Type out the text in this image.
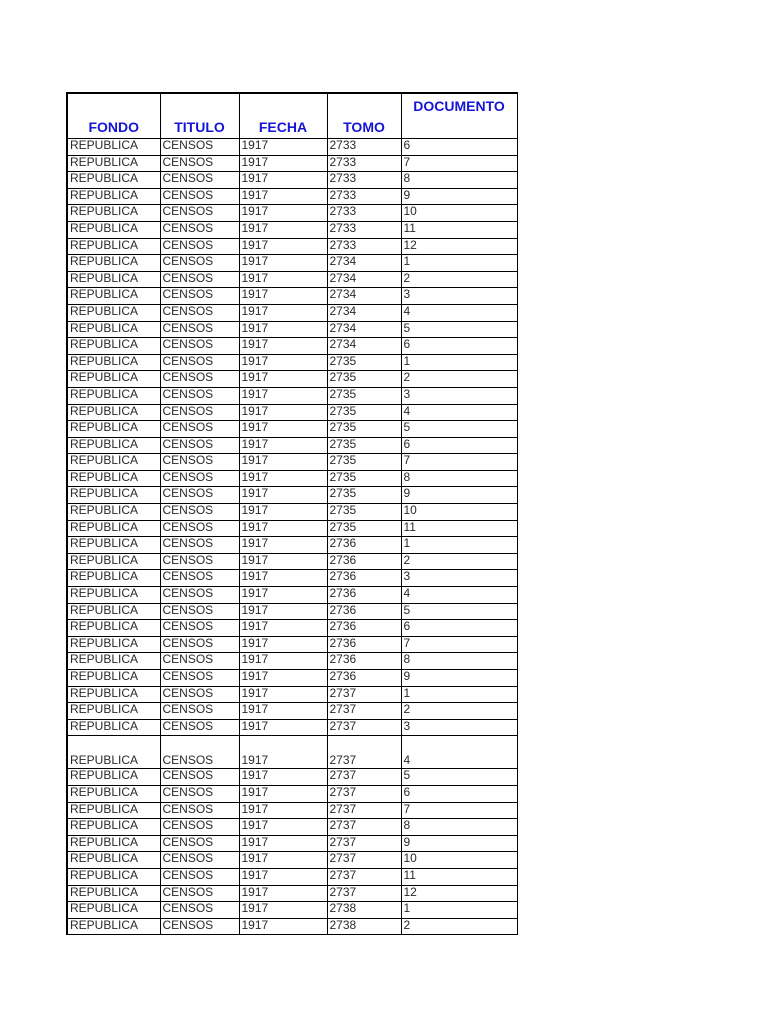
FONDO	TITULO	FECHA	TOMO	DOCUMENTO
REPUBLICA	CENSOS	1917	2733	6
REPUBLICA	CENSOS	1917	2733	7
REPUBLICA	CENSOS	1917	2733	8
REPUBLICA	CENSOS	1917	2733	9
REPUBLICA	CENSOS	1917	2733	10
REPUBLICA	CENSOS	1917	2733	11
REPUBLICA	CENSOS	1917	2733	12
REPUBLICA	CENSOS	1917	2734	1
REPUBLICA	CENSOS	1917	2734	2
REPUBLICA	CENSOS	1917	2734	3
REPUBLICA	CENSOS	1917	2734	4
REPUBLICA	CENSOS	1917	2734	5
REPUBLICA	CENSOS	1917	2734	6
REPUBLICA	CENSOS	1917	2735	1
REPUBLICA	CENSOS	1917	2735	2
REPUBLICA	CENSOS	1917	2735	3
REPUBLICA	CENSOS	1917	2735	4
REPUBLICA	CENSOS	1917	2735	5
REPUBLICA	CENSOS	1917	2735	6
REPUBLICA	CENSOS	1917	2735	7
REPUBLICA	CENSOS	1917	2735	8
REPUBLICA	CENSOS	1917	2735	9
REPUBLICA	CENSOS	1917	2735	10
REPUBLICA	CENSOS	1917	2735	11
REPUBLICA	CENSOS	1917	2736	1
REPUBLICA	CENSOS	1917	2736	2
REPUBLICA	CENSOS	1917	2736	3
REPUBLICA	CENSOS	1917	2736	4
REPUBLICA	CENSOS	1917	2736	5
REPUBLICA	CENSOS	1917	2736	6
REPUBLICA	CENSOS	1917	2736	7
REPUBLICA	CENSOS	1917	2736	8
REPUBLICA	CENSOS	1917	2736	9
REPUBLICA	CENSOS	1917	2737	1
REPUBLICA	CENSOS	1917	2737	2
REPUBLICA	CENSOS	1917	2737	3
REPUBLICA	CENSOS	1917	2737	4
REPUBLICA	CENSOS	1917	2737	5
REPUBLICA	CENSOS	1917	2737	6
REPUBLICA	CENSOS	1917	2737	7
REPUBLICA	CENSOS	1917	2737	8
REPUBLICA	CENSOS	1917	2737	9
REPUBLICA	CENSOS	1917	2737	10
REPUBLICA	CENSOS	1917	2737	11
REPUBLICA	CENSOS	1917	2737	12
REPUBLICA	CENSOS	1917	2738	1
REPUBLICA	CENSOS	1917	2738	2
